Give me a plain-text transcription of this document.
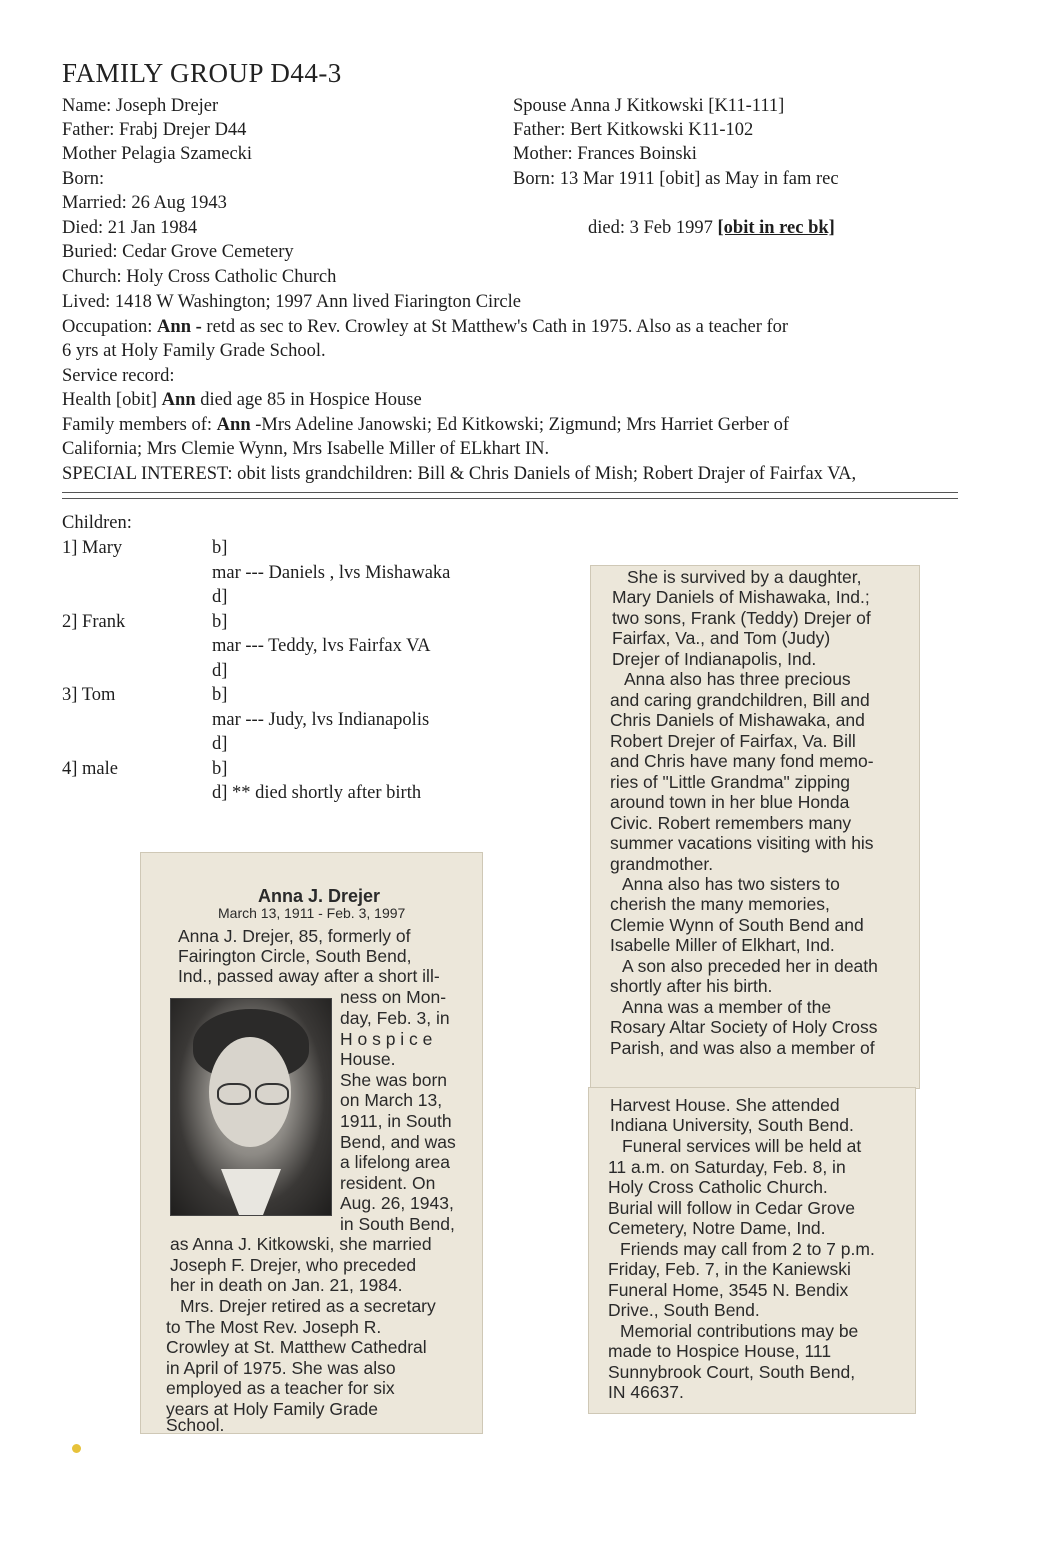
FAMILY GROUP D44-3
Name: Joseph Drejer
Father: Frabj Drejer D44
Mother Pelagia Szamecki
Born:
Married: 26 Aug 1943
Died: 21 Jan 1984
Buried: Cedar Grove Cemetery
Church: Holy Cross Catholic Church
Lived: 1418 W Washington; 1997 Ann lived Fiarington Circle
Occupation: Ann - retd as sec to Rev. Crowley at St Matthew's Cath in 1975. Also as a teacher for
6 yrs at Holy Family Grade School.
Service record:
Health [obit] Ann died age 85 in Hospice House
Family members of: Ann -Mrs Adeline Janowski; Ed Kitkowski; Zigmund; Mrs Harriet Gerber of
California; Mrs Clemie Wynn, Mrs Isabelle Miller of ELkhart IN.
SPECIAL INTEREST: obit lists grandchildren: Bill & Chris Daniels of Mish; Robert Drajer of Fairfax VA,
Spouse Anna J Kitkowski [K11-111]
Father: Bert Kitkowski K11-102
Mother: Frances Boinski
Born: 13 Mar 1911 [obit] as May in fam rec
died: 3 Feb 1997 [obit in rec bk]
Children:
1] Mary	b]
mar --- Daniels , lvs Mishawaka
d]
2] Frank	b]
mar --- Teddy, lvs Fairfax VA
d]
3] Tom	b]
mar --- Judy, lvs Indianapolis
d]
4] male	b]
d] ** died shortly after birth
Anna J. Drejer
March 13, 1911 - Feb. 3, 1997
Anna J. Drejer, 85, formerly of
Fairington Circle, South Bend,
Ind., passed away after a short ill-
ness on Mon-
day, Feb. 3, in
H o s p i c e
House.
She was born
on March 13,
1911, in South
Bend, and was
a lifelong area
resident. On
Aug. 26, 1943,
in South Bend,
as Anna J. Kitkowski, she married
Joseph F. Drejer, who preceded
her in death on Jan. 21, 1984.
Mrs. Drejer retired as a secretary
to The Most Rev. Joseph R.
Crowley at St. Matthew Cathedral
in April of 1975. She was also
employed as a teacher for six
years at Holy Family Grade
School.
She is survived by a daughter,
Mary Daniels of Mishawaka, Ind.;
two sons, Frank (Teddy) Drejer of
Fairfax, Va., and Tom (Judy)
Drejer of Indianapolis, Ind.
Anna also has three precious
and caring grandchildren, Bill and
Chris Daniels of Mishawaka, and
Robert Drejer of Fairfax, Va. Bill
and Chris have many fond memo-
ries of "Little Grandma" zipping
around town in her blue Honda
Civic. Robert remembers many
summer vacations visiting with his
grandmother.
Anna also has two sisters to
cherish the many memories,
Clemie Wynn of South Bend and
Isabelle Miller of Elkhart, Ind.
A son also preceded her in death
shortly after his birth.
Anna was a member of the
Rosary Altar Society of Holy Cross
Parish, and was also a member of
Harvest House. She attended
Indiana University, South Bend.
Funeral services will be held at
11 a.m. on Saturday, Feb. 8, in
Holy Cross Catholic Church.
Burial will follow in Cedar Grove
Cemetery, Notre Dame, Ind.
Friends may call from 2 to 7 p.m.
Friday, Feb. 7, in the Kaniewski
Funeral Home, 3545 N. Bendix
Drive., South Bend.
Memorial contributions may be
made to Hospice House, 111
Sunnybrook Court, South Bend,
IN 46637.
